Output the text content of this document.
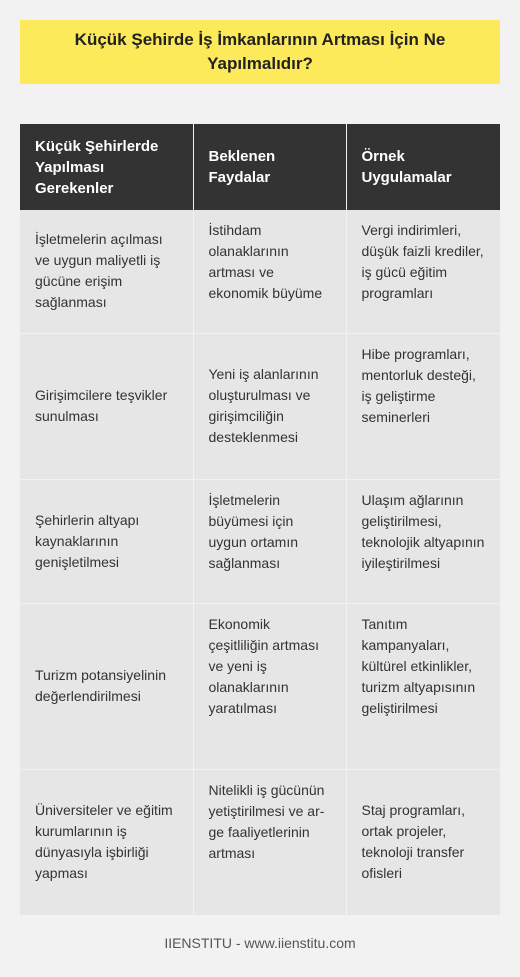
Küçük Şehirde İş İmkanlarının Artması İçin Ne Yapılmalıdır?
Küçük Şehirlerde Yapılması Gerekenler	Beklenen Faydalar	Örnek Uygulamalar
İşletmelerin açılması ve uygun maliyetli iş gücüne erişim sağlanması	İstihdam olanaklarının artması ve ekonomik büyüme	Vergi indirimleri, düşük faizli krediler, iş gücü eğitim programları
Girişimcilere teşvikler sunulması	Yeni iş alanlarının oluşturulması ve girişimciliğin desteklenmesi	Hibe programları, mentorluk desteği, iş geliştirme seminerleri
Şehirlerin altyapı kaynaklarının genişletilmesi	İşletmelerin büyümesi için uygun ortamın sağlanması	Ulaşım ağlarının geliştirilmesi, teknolojik altyapının iyileştirilmesi
Turizm potansiyelinin değerlendirilmesi	Ekonomik çeşitliliğin artması ve yeni iş olanaklarının yaratılması	Tanıtım kampanyaları, kültürel etkinlikler, turizm altyapısının geliştirilmesi
Üniversiteler ve eğitim kurumlarının iş dünyasıyla işbirliği yapması	Nitelikli iş gücünün yetiştirilmesi ve ar-ge faaliyetlerinin artması	Staj programları, ortak projeler, teknoloji transfer ofisleri
IIENSTITU - www.iienstitu.com
